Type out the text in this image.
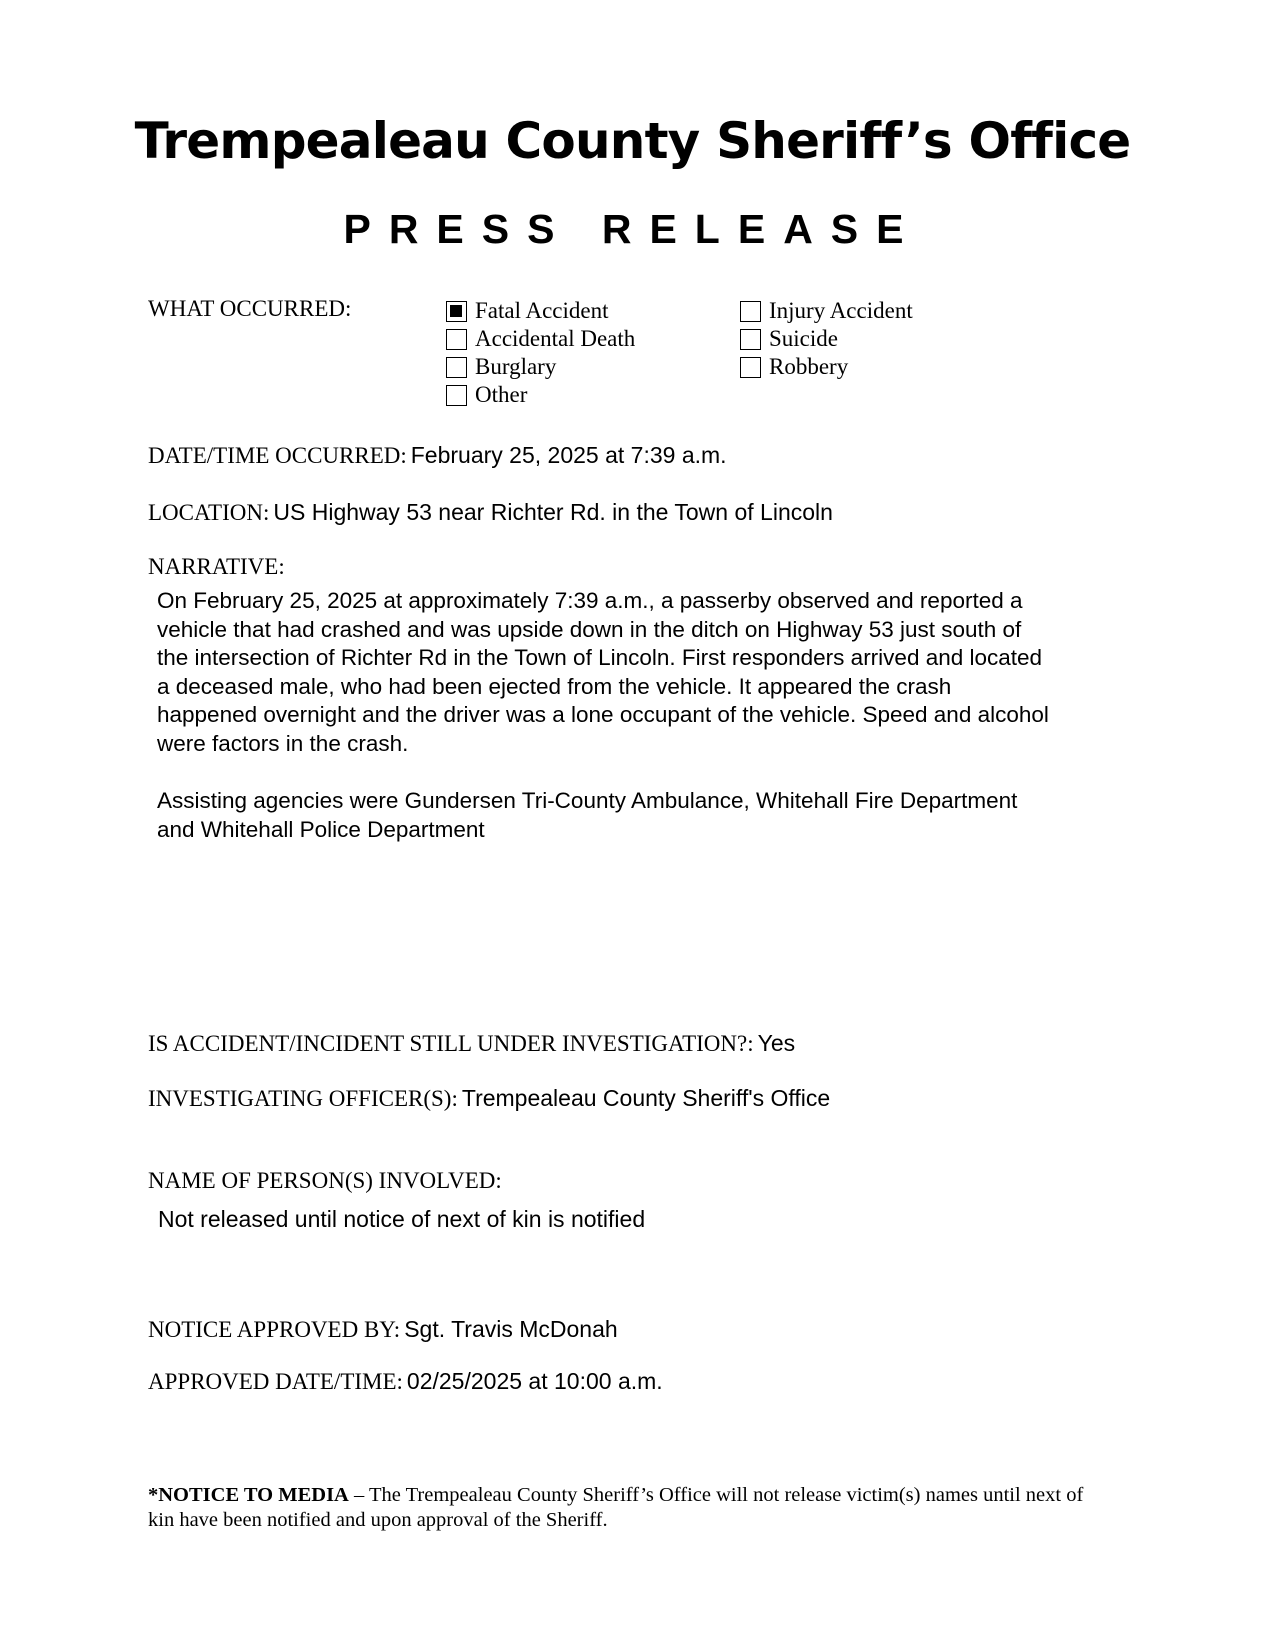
Trempealeau County Sheriff’s Office
PRESS RELEASE
WHAT OCCURRED:	Fatal Accident
Accidental Death
Burglary
Other
Injury Accident
Suicide
Robbery
DATE/TIME OCCURRED: February 25, 2025 at 7:39 a.m.
LOCATION: US Highway 53 near Richter Rd. in the Town of Lincoln
NARRATIVE:
On February 25, 2025 at approximately 7:39 a.m., a passerby observed and reported a
vehicle that had crashed and was upside down in the ditch on Highway 53 just south of
the intersection of Richter Rd in the Town of Lincoln. First responders arrived and located
a deceased male, who had been ejected from the vehicle. It appeared the crash
happened overnight and the driver was a lone occupant of the vehicle. Speed and alcohol
were factors in the crash.
Assisting agencies were Gundersen Tri-County Ambulance, Whitehall Fire Department
and Whitehall Police Department
IS ACCIDENT/INCIDENT STILL UNDER INVESTIGATION?: Yes
INVESTIGATING OFFICER(S): Trempealeau County Sheriff's Office
NAME OF PERSON(S) INVOLVED:
Not released until notice of next of kin is notified
NOTICE APPROVED BY: Sgt. Travis McDonah
APPROVED DATE/TIME: 02/25/2025 at 10:00 a.m.
*NOTICE TO MEDIA – The Trempealeau County Sheriff’s Office will not release victim(s) names until next of kin have been notified and upon approval of the Sheriff.
